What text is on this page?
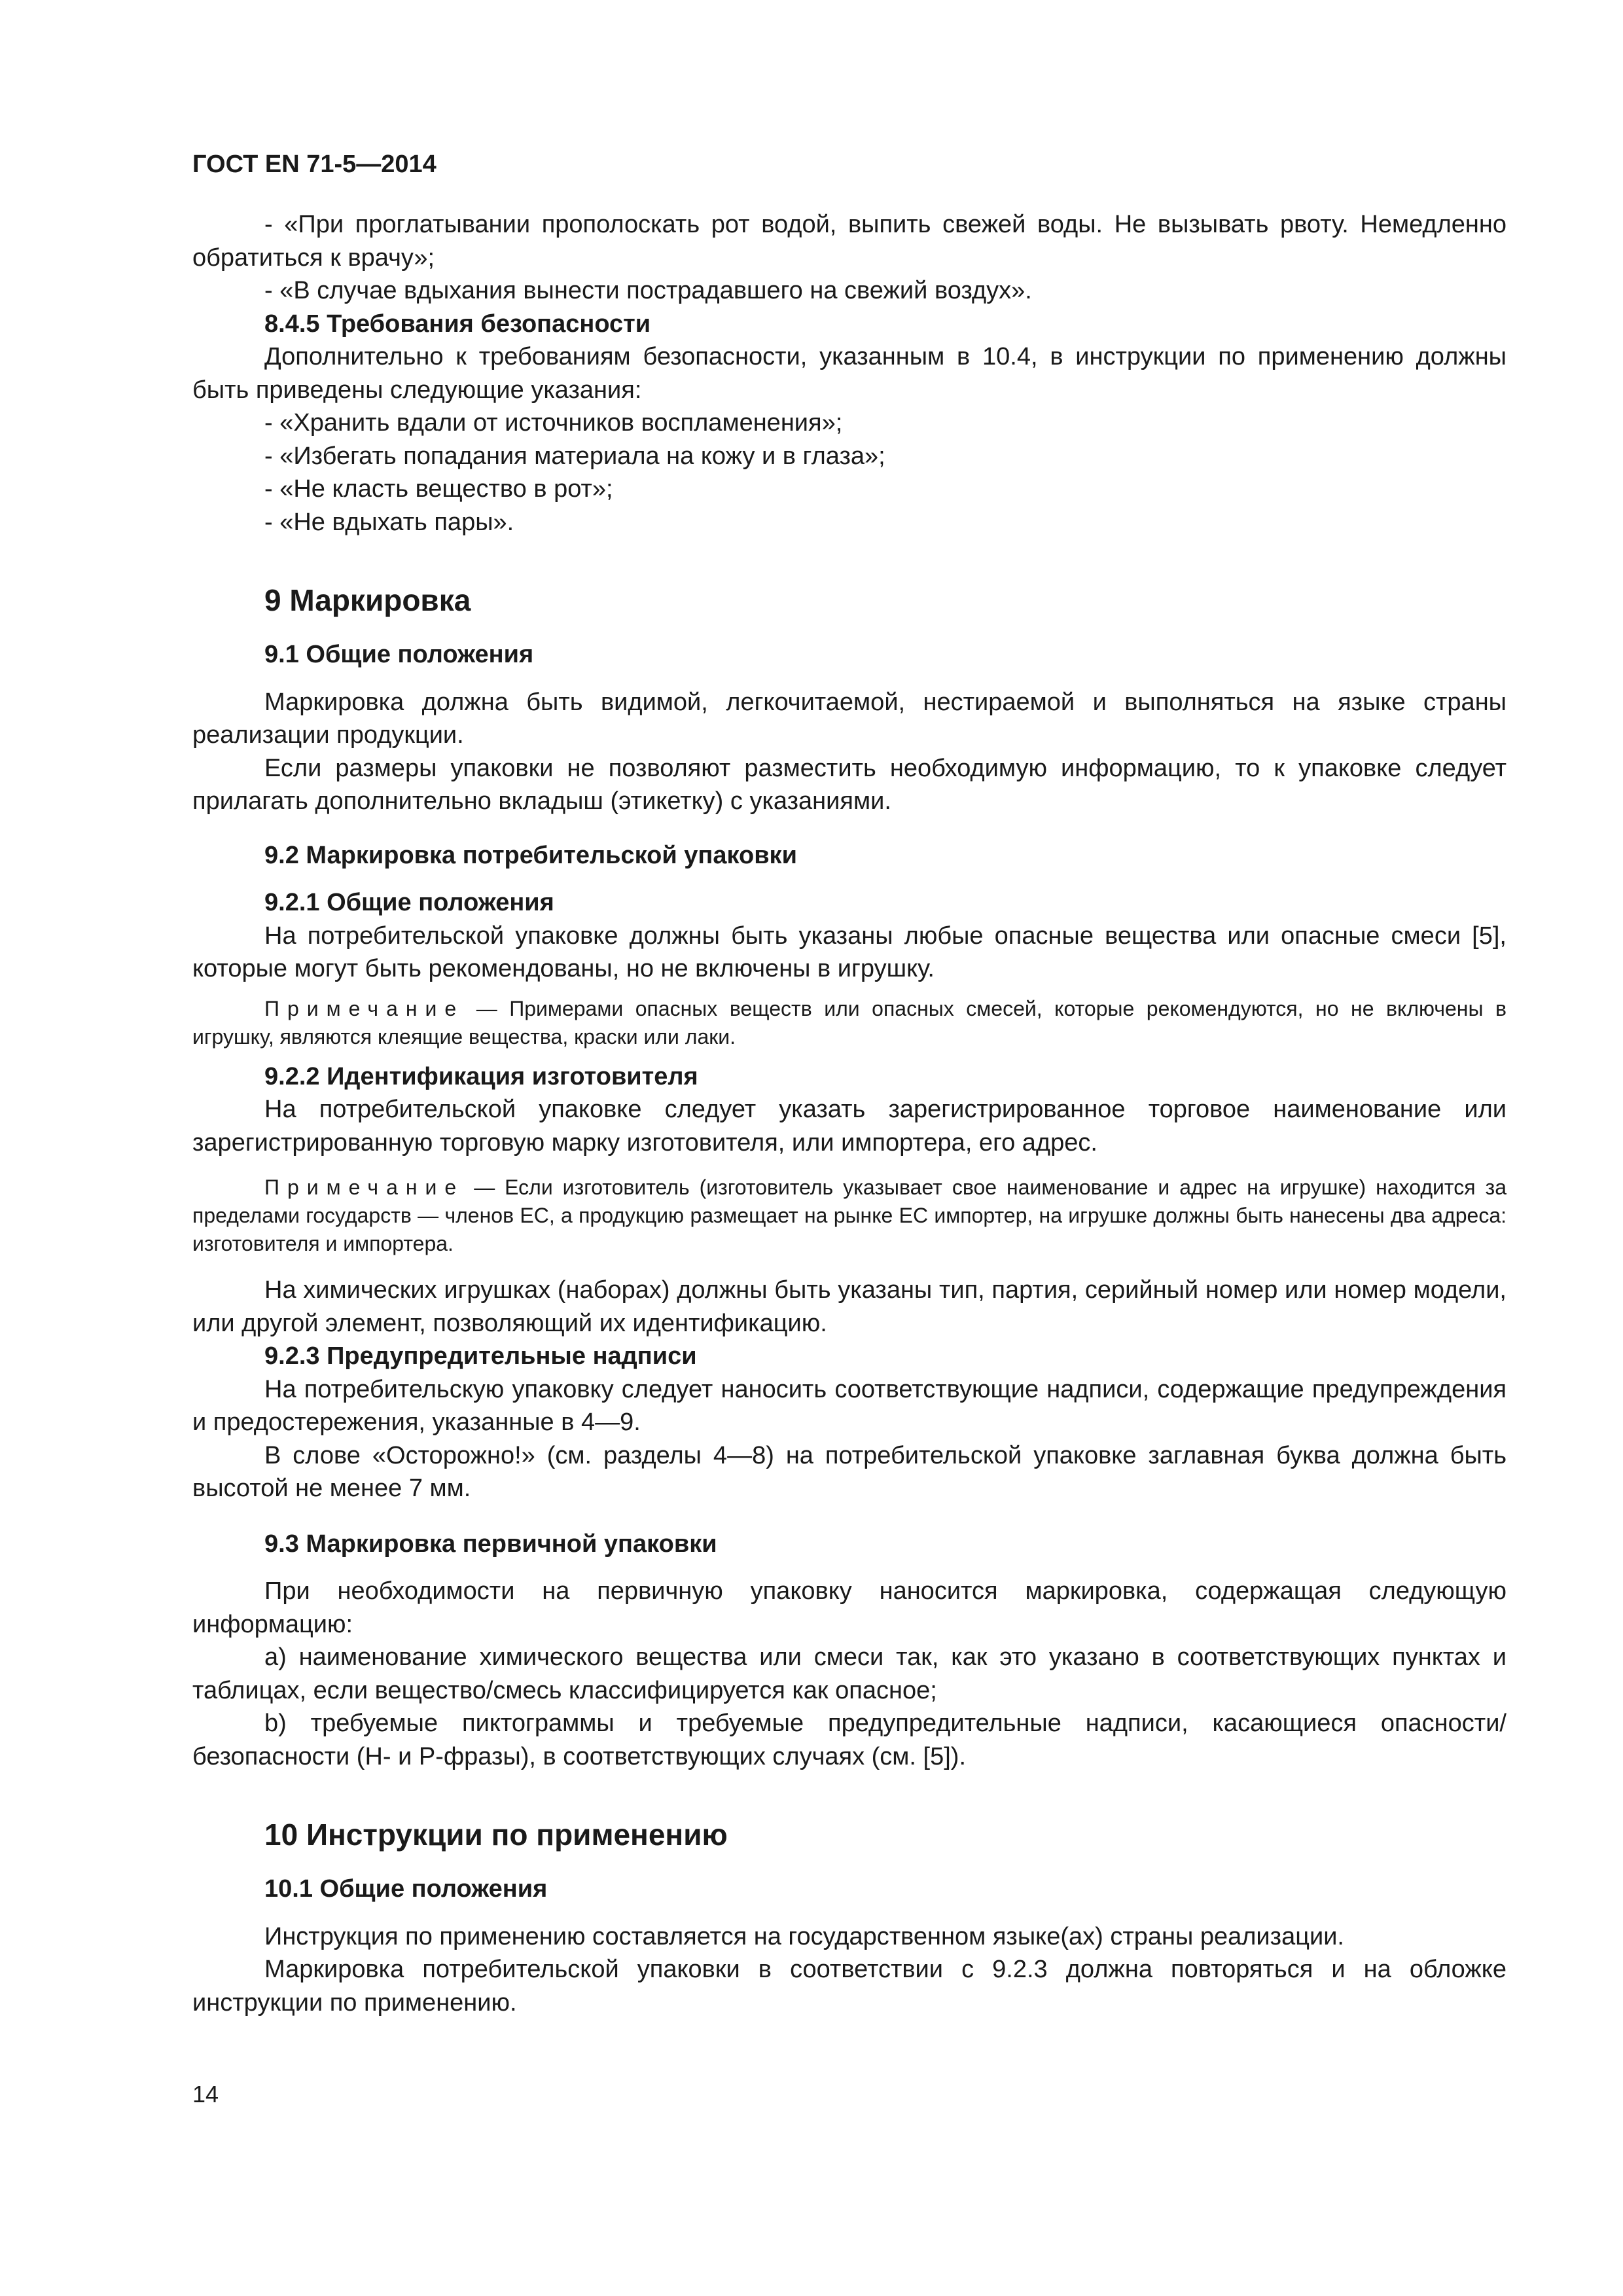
ГОСТ EN 71-5—2014

- «При проглатывании прополоскать рот водой, выпить свежей воды. Не вызывать рвоту. Немедленно обратиться к врачу»;

- «В случае вдыхания вынести пострадавшего на свежий воздух».

8.4.5 Требования безопасности

Дополнительно к требованиям безопасности, указанным в 10.4, в инструкции по применению должны быть приведены следующие указания:

- «Хранить вдали от источников воспламенения»;

- «Избегать попадания материала на кожу и в глаза»;

- «Не класть вещество в рот»;

- «Не вдыхать пары».

9 Маркировка
9.1 Общие положения

Маркировка должна быть видимой, легкочитаемой, нестираемой и выполняться на языке страны реализации продукции.

Если размеры упаковки не позволяют разместить необходимую информацию, то к упаковке следует прилагать дополнительно вкладыш (этикетку) с указаниями.

9.2 Маркировка потребительской упаковки
9.2.1 Общие положения

На потребительской упаковке должны быть указаны любые опасные вещества или опасные смеси [5], которые могут быть рекомендованы, но не включены в игрушку.

Примечание — Примерами опасных веществ или опасных смесей, которые рекомендуются, но не включены в игрушку, являются клеящие вещества, краски или лаки.
9.2.2 Идентификация изготовителя

На потребительской упаковке следует указать зарегистрированное торговое наименование или зарегистрированную торговую марку изготовителя, или импортера, его адрес.

Примечание — Если изготовитель (изготовитель указывает свое наименование и адрес на игрушке) находится за пределами государств — членов ЕС, а продукцию размещает на рынке ЕС импортер, на игрушке должны быть нанесены два адреса: изготовителя и импортера.

На химических игрушках (наборах) должны быть указаны тип, партия, серийный номер или номер модели, или другой элемент, позволяющий их идентификацию.

9.2.3 Предупредительные надписи

На потребительскую упаковку следует наносить соответствующие надписи, содержащие предупреждения и предостережения, указанные в 4—9.

В слове «Осторожно!» (см. разделы 4—8) на потребительской упаковке заглавная буква должна быть высотой не менее 7 мм.

9.3 Маркировка первичной упаковки

При необходимости на первичную упаковку наносится маркировка, содержащая следующую информацию:

а) наименование химического вещества или смеси так, как это указано в соответствующих пунктах и таблицах, если вещество/смесь классифицируется как опасное;

b) требуемые пиктограммы и требуемые предупредительные надписи, касающиеся опасности/безопасности (Н- и Р-фразы), в соответствующих случаях (см. [5]).

10 Инструкции по применению
10.1 Общие положения

Инструкция по применению составляется на государственном языке(ах) страны реализации.

Маркировка потребительской упаковки в соответствии с 9.2.3 должна повторяться и на обложке инструкции по применению.

14
